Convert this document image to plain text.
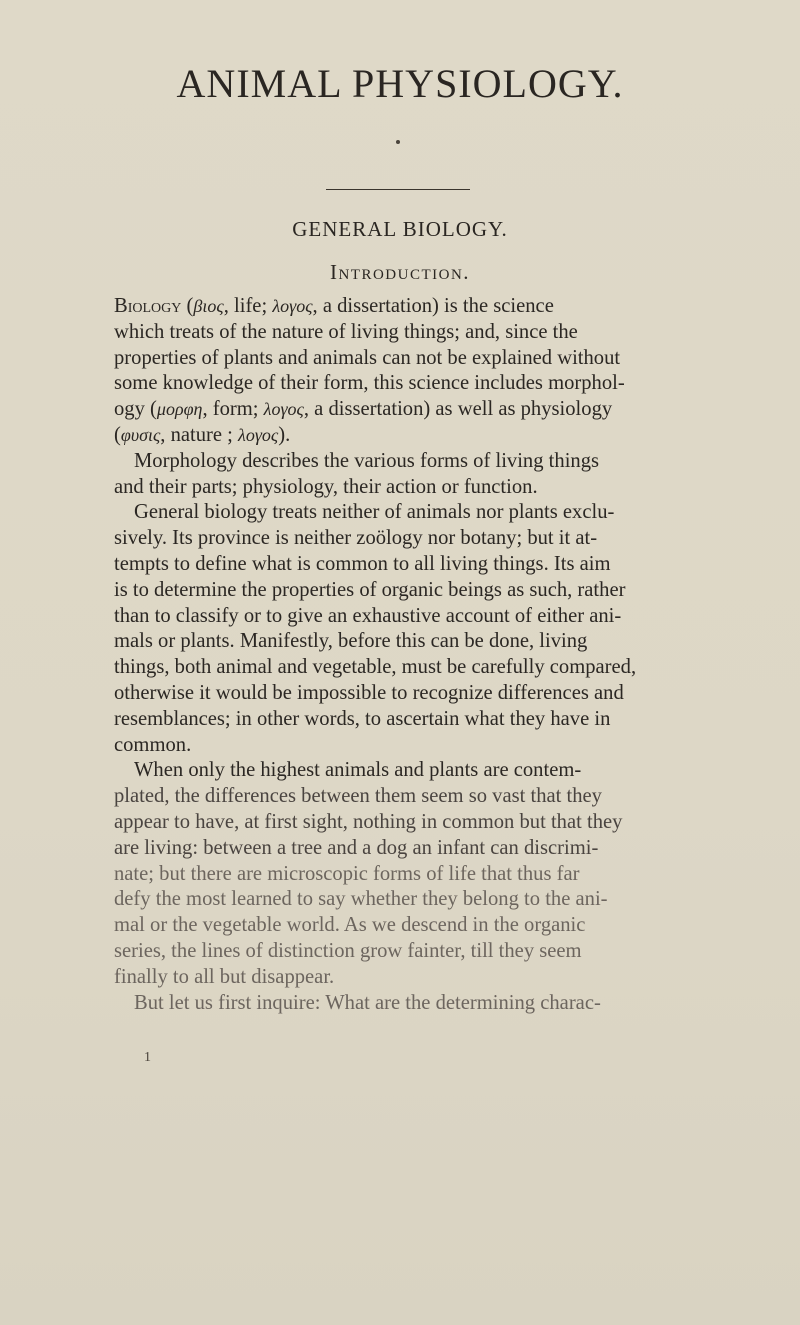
ANIMAL PHYSIOLOGY.
GENERAL BIOLOGY.
Introduction.
Biology (βιος, life; λογος, a dissertation) is the science
which treats of the nature of living things; and, since the
properties of plants and animals can not be explained without
some knowledge of their form, this science includes morphol-
ogy (μορφη, form; λογος, a dissertation) as well as physiology
(φυσις, nature ; λογος).
Morphology describes the various forms of living things
and their parts; physiology, their action or function.
General biology treats neither of animals nor plants exclu-
sively. Its province is neither zoölogy nor botany; but it at-
tempts to define what is common to all living things. Its aim
is to determine the properties of organic beings as such, rather
than to classify or to give an exhaustive account of either ani-
mals or plants. Manifestly, before this can be done, living
things, both animal and vegetable, must be carefully compared,
otherwise it would be impossible to recognize differences and
resemblances; in other words, to ascertain what they have in
common.
When only the highest animals and plants are contem-
plated, the differences between them seem so vast that they
appear to have, at first sight, nothing in common but that they
are living: between a tree and a dog an infant can discrimi-
nate; but there are microscopic forms of life that thus far
defy the most learned to say whether they belong to the ani-
mal or the vegetable world. As we descend in the organic
series, the lines of distinction grow fainter, till they seem
finally to all but disappear.
But let us first inquire: What are the determining charac-
1
